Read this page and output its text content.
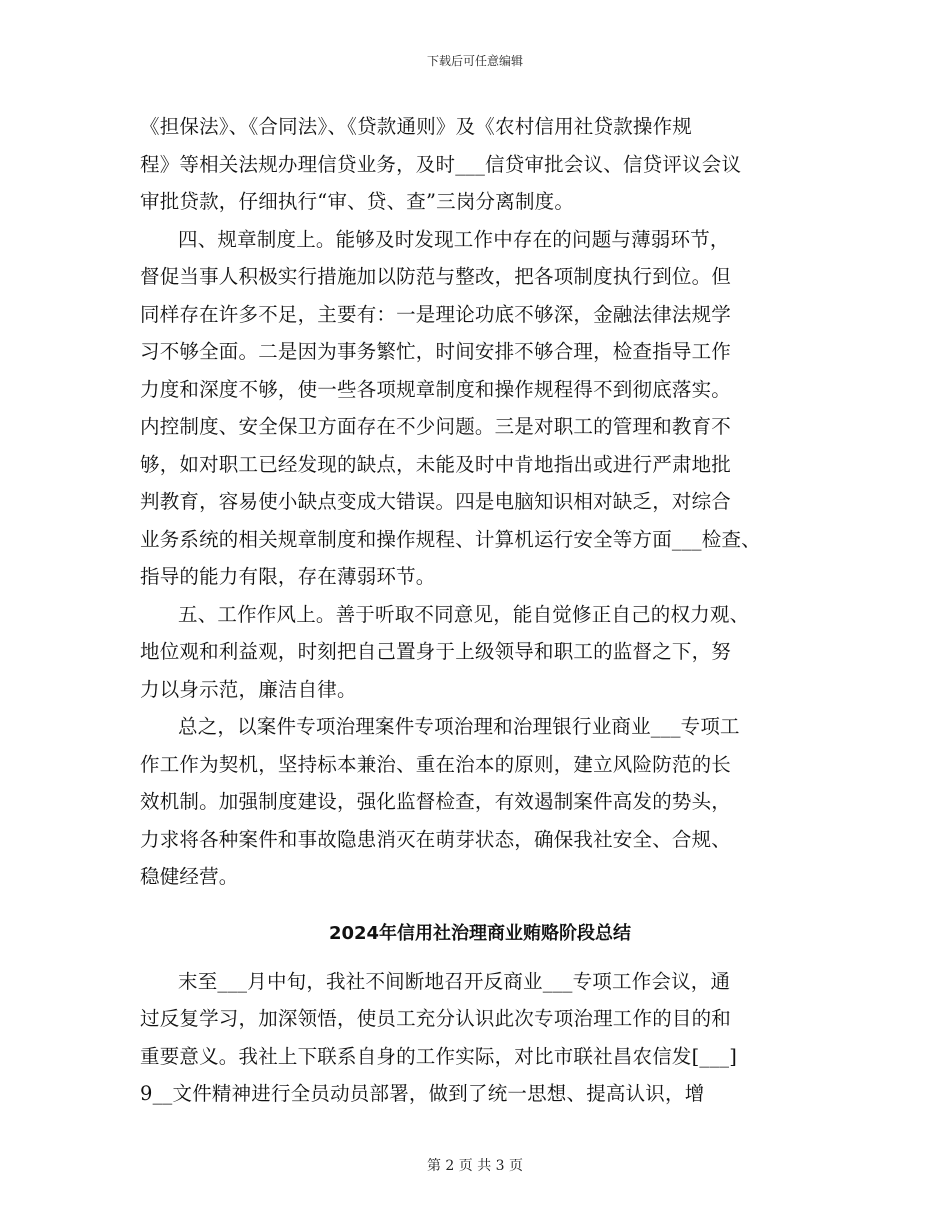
下载后可任意编辑
《担保法》、《合同法》、《贷款通则》及《农村信用社贷款操作规
程》等相关法规办理信贷业务，及时___信贷审批会议、信贷评议会议
审批贷款，仔细执行“审、贷、查”三岗分离制度。
四、规章制度上。能够及时发现工作中存在的问题与薄弱环节，
督促当事人积极实行措施加以防范与整改，把各项制度执行到位。但
同样存在许多不足，主要有：一是理论功底不够深，金融法律法规学
习不够全面。二是因为事务繁忙，时间安排不够合理，检查指导工作
力度和深度不够，使一些各项规章制度和操作规程得不到彻底落实。
内控制度、安全保卫方面存在不少问题。三是对职工的管理和教育不
够，如对职工已经发现的缺点，未能及时中肯地指出或进行严肃地批
判教育，容易使小缺点变成大错误。四是电脑知识相对缺乏，对综合
业务系统的相关规章制度和操作规程、计算机运行安全等方面___检查、
指导的能力有限，存在薄弱环节。
五、工作作风上。善于听取不同意见，能自觉修正自己的权力观、
地位观和利益观，时刻把自己置身于上级领导和职工的监督之下，努
力以身示范，廉洁自律。
总之，以案件专项治理案件专项治理和治理银行业商业___专项工
作工作为契机，坚持标本兼治、重在治本的原则，建立风险防范的长
效机制。加强制度建设，强化监督检查，有效遏制案件高发的势头，
力求将各种案件和事故隐患消灭在萌芽状态，确保我社安全、合规、
稳健经营。
2024年信用社治理商业贿赂阶段总结
末至___月中旬，我社不间断地召开反商业___专项工作会议，通
过反复学习，加深领悟，使员工充分认识此次专项治理工作的目的和
重要意义。我社上下联系自身的工作实际，对比市联社昌农信发[___]
9__文件精神进行全员动员部署，做到了统一思想、提高认识，增
第 2 页 共 3 页
